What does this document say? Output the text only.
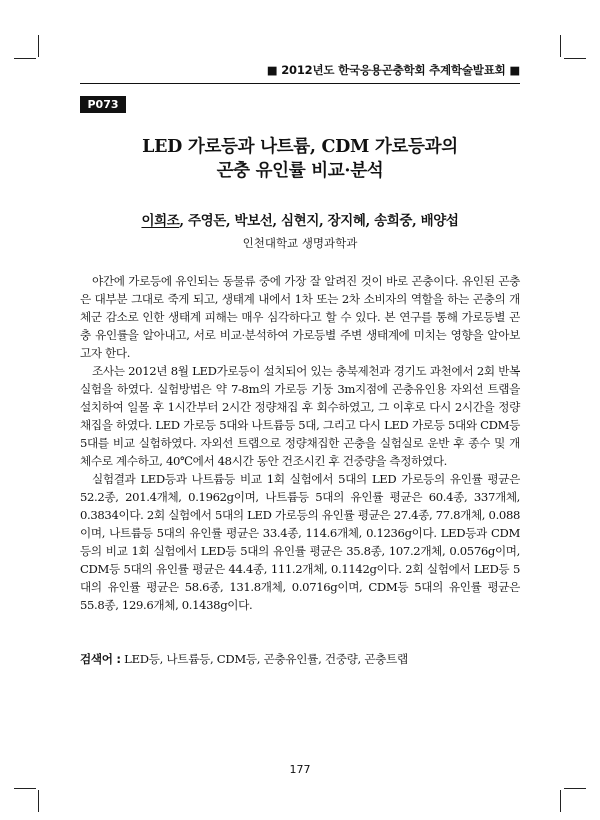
■ 2012년도 한국응용곤충학회 추계학술발표회 ■
P073
LED 가로등과 나트륨, CDM 가로등과의
곤충 유인률 비교·분석
이희조, 주영돈, 박보선, 심현지, 장지혜, 송희중, 배양섭
인천대학교 생명과학과

야간에 가로등에 유인되는 동물류 중에 가장 잘 알려진 것이 바로 곤충이다. 유인된 곤충은 대부분 그대로 죽게 되고, 생태계 내에서 1차 또는 2차 소비자의 역할을 하는 곤충의 개체군 감소로 인한 생태계 피해는 매우 심각하다고 할 수 있다. 본 연구를 통해 가로등별 곤충 유인률을 알아내고, 서로 비교·분석하여 가로등별 주변 생태계에 미치는 영향을 알아보고자 한다.

조사는 2012년 8월 LED가로등이 설치되어 있는 충북제천과 경기도 과천에서 2회 반복 실험을 하였다. 실험방법은 약 7-8m의 가로등 기둥 3m지점에 곤충유인용 자외선 트랩을 설치하여 일몰 후 1시간부터 2시간 정량채집 후 회수하였고, 그 이후로 다시 2시간을 정량채집을 하였다. LED 가로등 5대와 나트륨등 5대, 그리고 다시 LED 가로등 5대와 CDM등 5대를 비교 실험하였다. 자외선 트랩으로 정량채집한 곤충을 실험실로 운반 후 종수 및 개체수로 계수하고, 40℃에서 48시간 동안 건조시킨 후 건중량을 측정하였다.

실험결과 LED등과 나트륨등 비교 1회 실험에서 5대의 LED 가로등의 유인률 평균은 52.2종, 201.4개체, 0.1962g이며, 나트륨등 5대의 유인률 평균은 60.4종, 337개체, 0.3834이다. 2회 실험에서 5대의 LED 가로등의 유인률 평균은 27.4종, 77.8개체, 0.088이며, 나트륨등 5대의 유인률 평균은 33.4종, 114.6개체, 0.1236g이다. LED등과 CDM등의 비교 1회 실험에서 LED등 5대의 유인률 평균은 35.8종, 107.2개체, 0.0576g이며, CDM등 5대의 유인률 평균은 44.4종, 111.2개체, 0.1142g이다. 2회 실험에서 LED등 5대의 유인률 평균은 58.6종, 131.8개체, 0.0716g이며, CDM등 5대의 유인률 평균은 55.8종, 129.6개체, 0.1438g이다.

검색어 : LED등, 나트륨등, CDM등, 곤충유인률, 건중량, 곤충트랩
177
